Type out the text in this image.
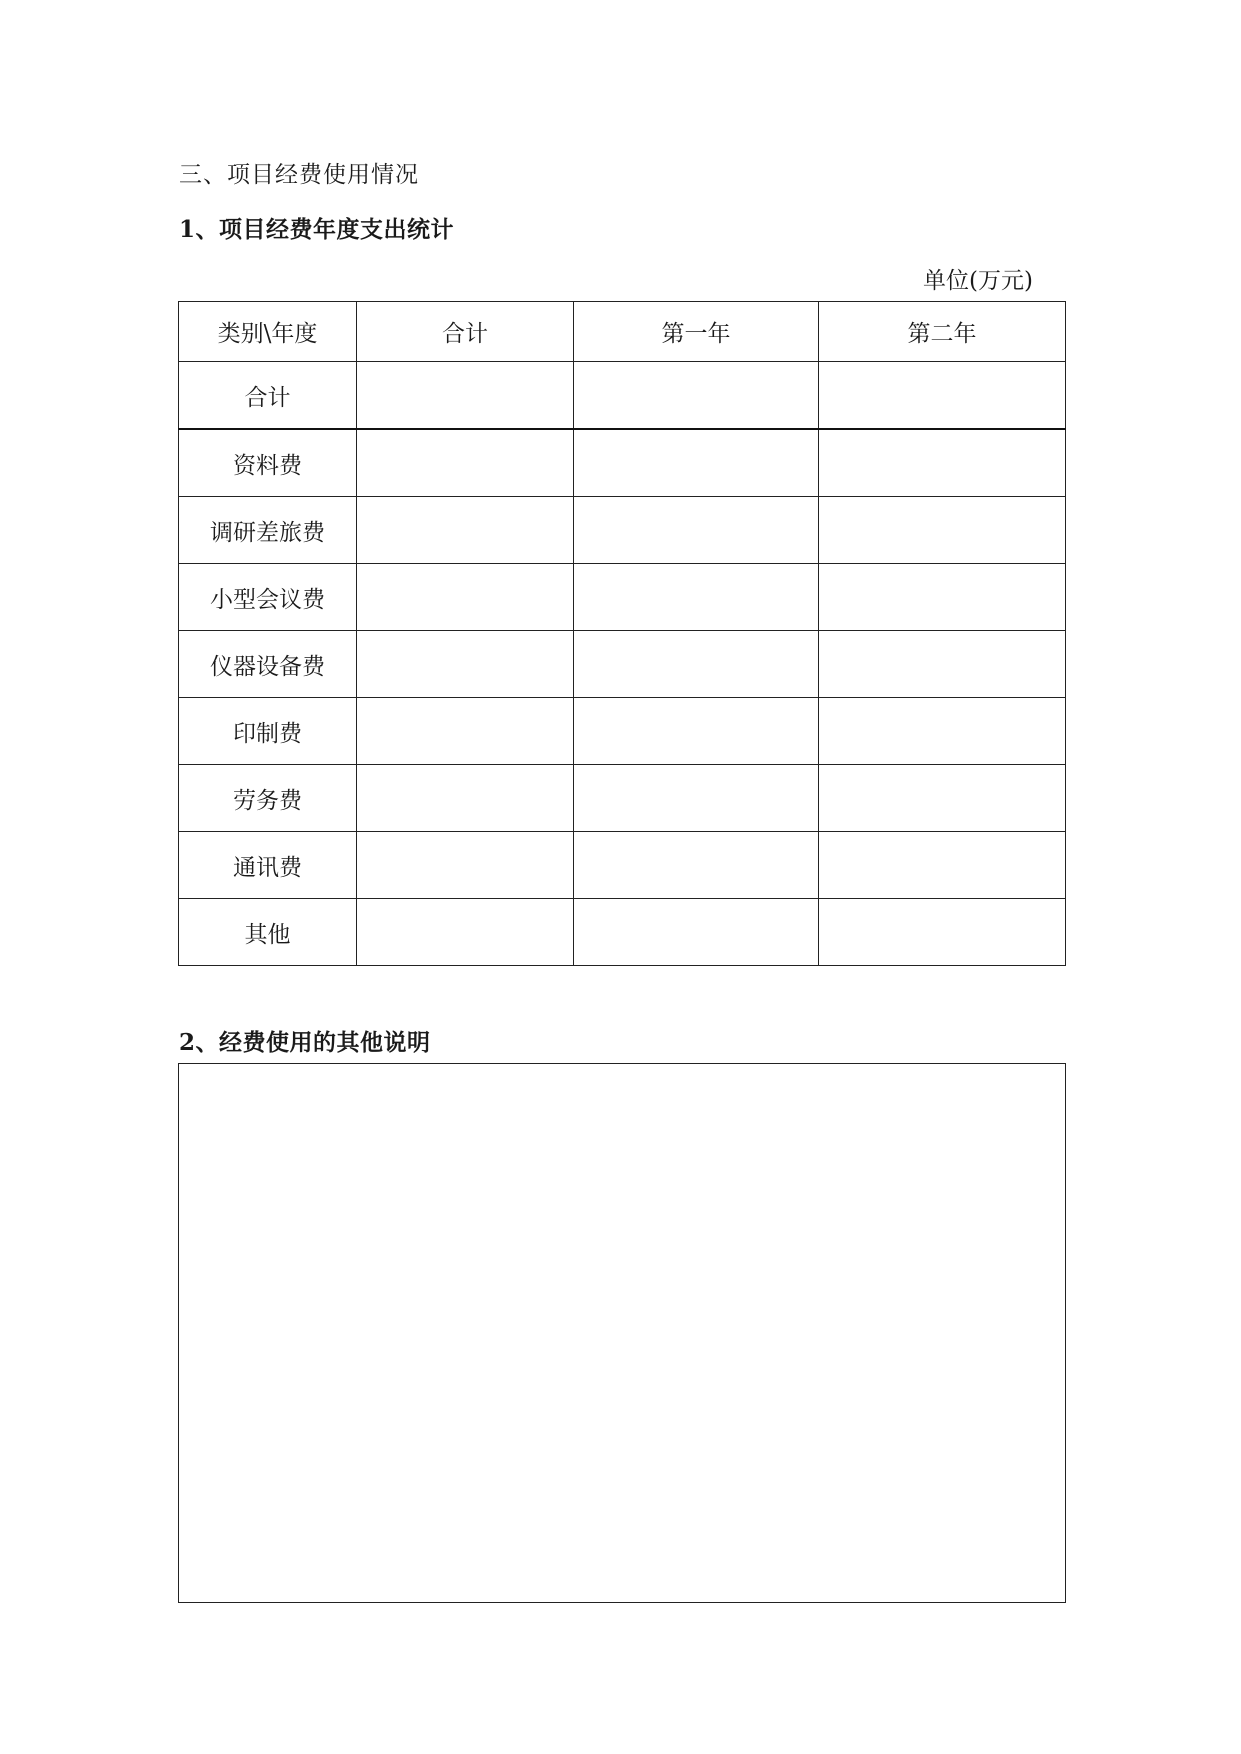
三、项目经费使用情况
1、项目经费年度支出统计
单位(万元)
类别\年度	合计	第一年	第二年
合计			
资料费			
调研差旅费			
小型会议费			
仪器设备费			
印制费			
劳务费			
通讯费			
其他			
2、经费使用的其他说明
